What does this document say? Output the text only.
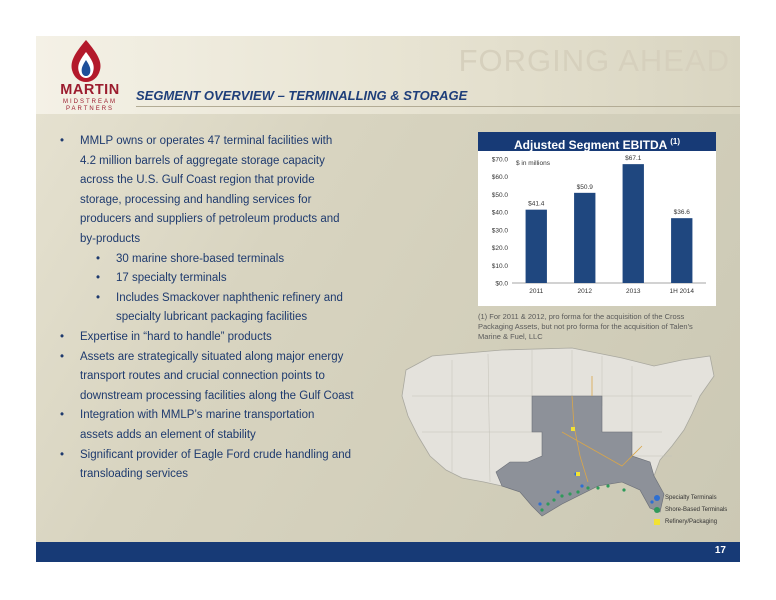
MARTIN
MIDSTREAM
PARTNERS
FORGING AHEAD
SEGMENT OVERVIEW – TERMINALLING & STORAGE
• MMLP owns or operates 47 terminal facilities with
4.2 million barrels of aggregate storage capacity
across the U.S. Gulf Coast region that provide
storage, processing and handling services for
producers and suppliers of petroleum products and
by-products
• 30 marine shore-based terminals
• 17 specialty terminals
• Includes Smackover naphthenic refinery and
specialty lubricant packaging facilities
• Expertise in “hard to handle” products
• Assets are strategically situated along major energy
transport routes and crucial connection points to
downstream processing facilities along the Gulf Coast
• Integration with MMLP’s marine transportation
assets adds an element of stability
• Significant provider of Eagle Ford crude handling and
transloading services
Adjusted Segment EBITDA $^{(1)}$
$0.0
$10.0
$20.0
$30.0
$40.0
$50.0
$60.0
$70.0 $ in millions
$41.4
2011
$50.9
2012
$67.1
2013
$36.6
1H 2014
(1) For 2011 & 2012, pro forma for the acquisition of the Cross Packaging Assets, but not pro forma for the acquisition of Talen's Marine & Fuel, LLC
Specialty Terminals
Shore-Based Terminals
Refinery/Packaging
17
